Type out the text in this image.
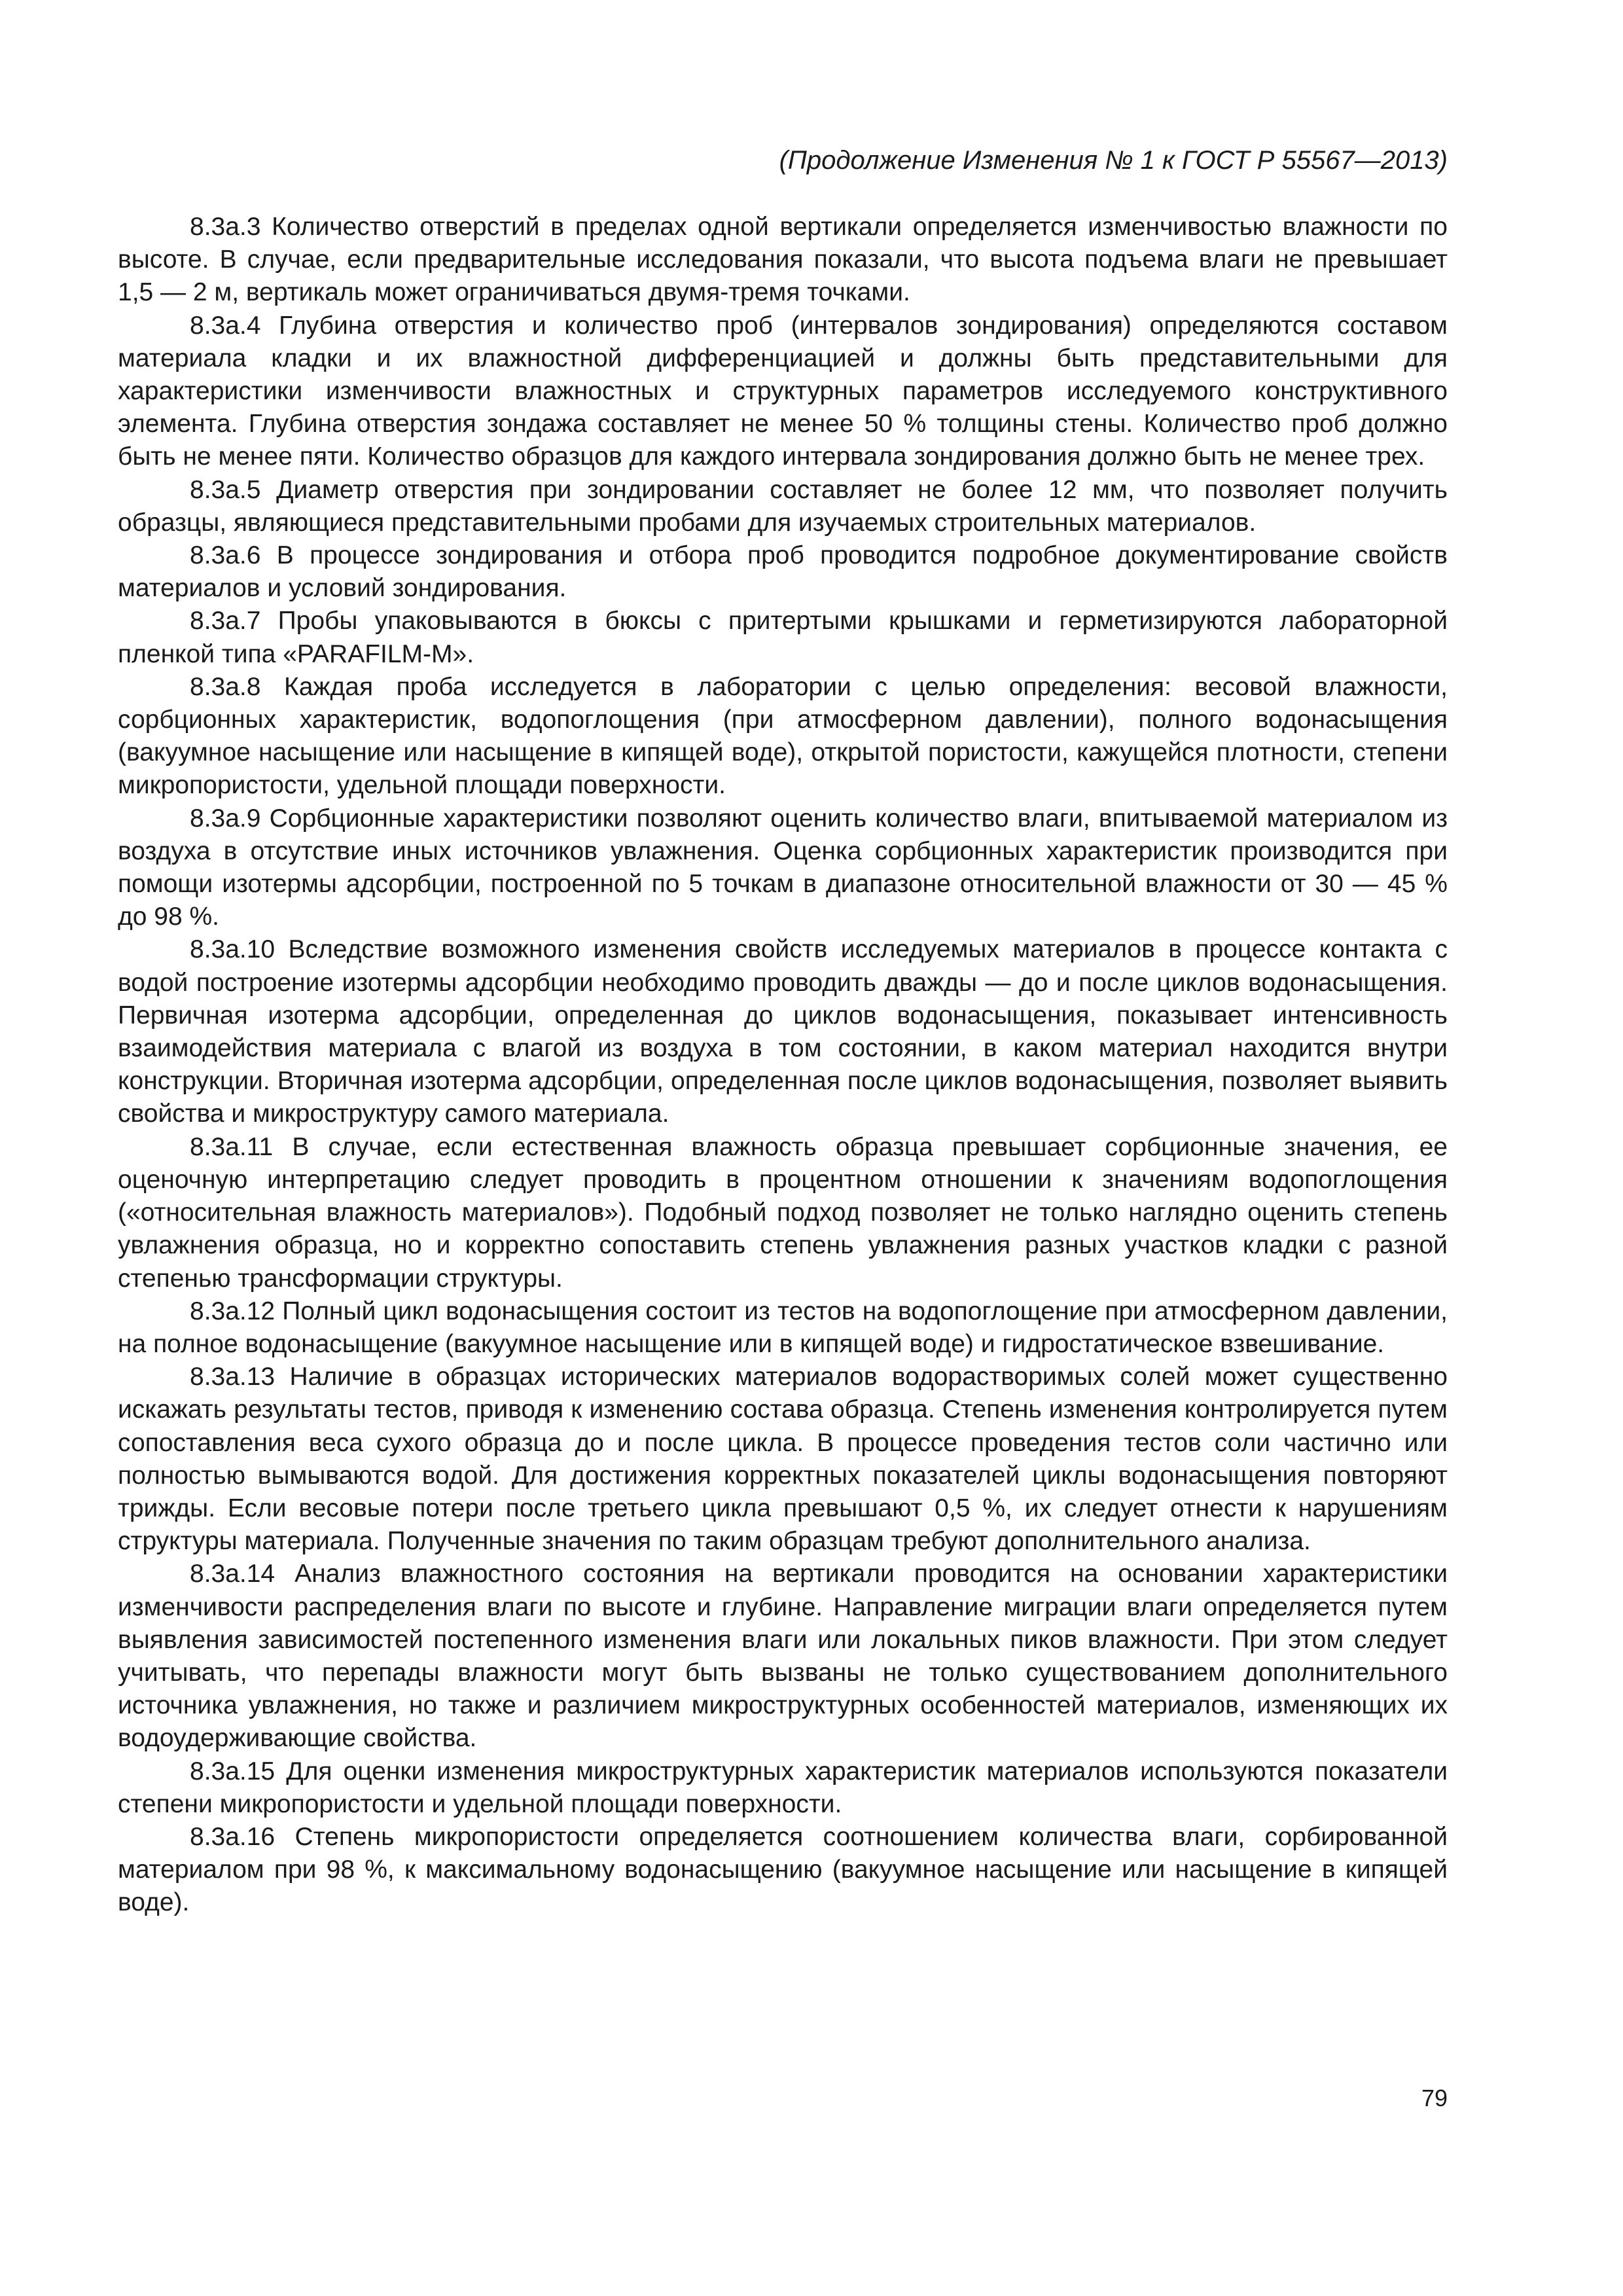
(Продолжение Изменения № 1 к ГОСТ Р 55567—2013)

8.3а.3 Количество отверстий в пределах одной вертикали определяется изменчивостью влажности по высоте. В случае, если предварительные исследования показали, что высота подъема влаги не превышает 1,5 — 2 м, вертикаль может ограничиваться двумя-тремя точками.

8.3а.4 Глубина отверстия и количество проб (интервалов зондирования) определяются составом материала кладки и их влажностной дифференциацией и должны быть представительными для характеристики изменчивости влажностных и структурных параметров исследуемого конструктивного элемента. Глубина отверстия зондажа составляет не менее 50 % толщины стены. Количество проб должно быть не менее пяти. Количество образцов для каждого интервала зондирования должно быть не менее трех.

8.3а.5 Диаметр отверстия при зондировании составляет не более 12 мм, что позволяет получить образцы, являющиеся представительными пробами для изучаемых строительных материалов.

8.3а.6 В процессе зондирования и отбора проб проводится подробное документирование свойств материалов и условий зондирования.

8.3а.7 Пробы упаковываются в бюксы с притертыми крышками и герметизируются лабораторной пленкой типа «PARAFILM-M».

8.3а.8 Каждая проба исследуется в лаборатории с целью определения: весовой влажности, сорбционных характеристик, водопоглощения (при атмосферном давлении), полного водонасыщения (вакуумное насыщение или насыщение в кипящей воде), открытой пористости, кажущейся плотности, степени микропористости, удельной площади поверхности.

8.3а.9 Сорбционные характеристики позволяют оценить количество влаги, впитываемой материалом из воздуха в отсутствие иных источников увлажнения. Оценка сорбционных характеристик производится при помощи изотермы адсорбции, построенной по 5 точкам в диапазоне относительной влажности от 30 — 45 % до 98 %.

8.3а.10 Вследствие возможного изменения свойств исследуемых материалов в процессе контакта с водой построение изотермы адсорбции необходимо проводить дважды — до и после циклов водонасыщения. Первичная изотерма адсорбции, определенная до циклов водонасыщения, показывает интенсивность взаимодействия материала с влагой из воздуха в том состоянии, в каком материал находится внутри конструкции. Вторичная изотерма адсорбции, определенная после циклов водонасыщения, позволяет выявить свойства и микроструктуру самого материала.

8.3а.11 В случае, если естественная влажность образца превышает сорбционные значения, ее оценочную интерпретацию следует проводить в процентном отношении к значениям водопоглощения («относительная влажность материалов»). Подобный подход позволяет не только наглядно оценить степень увлажнения образца, но и корректно сопоставить степень увлажнения разных участков кладки с разной степенью трансформации структуры.

8.3а.12 Полный цикл водонасыщения состоит из тестов на водопоглощение при атмосферном давлении, на полное водонасыщение (вакуумное насыщение или в кипящей воде) и гидростатическое взвешивание.

8.3а.13 Наличие в образцах исторических материалов водорастворимых солей может существенно искажать результаты тестов, приводя к изменению состава образца. Степень изменения контролируется путем сопоставления веса сухого образца до и после цикла. В процессе проведения тестов соли частично или полностью вымываются водой. Для достижения корректных показателей циклы водонасыщения повторяют трижды. Если весовые потери после третьего цикла превышают 0,5 %, их следует отнести к нарушениям структуры материала. Полученные значения по таким образцам требуют дополнительного анализа.

8.3а.14 Анализ влажностного состояния на вертикали проводится на основании характеристики изменчивости распределения влаги по высоте и глубине. Направление миграции влаги определяется путем выявления зависимостей постепенного изменения влаги или локальных пиков влажности. При этом следует учитывать, что перепады влажности могут быть вызваны не только существованием дополнительного источника увлажнения, но также и различием микроструктурных особенностей материалов, изменяющих их водоудерживающие свойства.

8.3а.15 Для оценки изменения микроструктурных характеристик материалов используются показатели степени микропористости и удельной площади поверхности.

8.3а.16 Степень микропористости определяется соотношением количества влаги, сорбированной материалом при 98 %, к максимальному водонасыщению (вакуумное насыщение или насыщение в кипящей воде).

79
